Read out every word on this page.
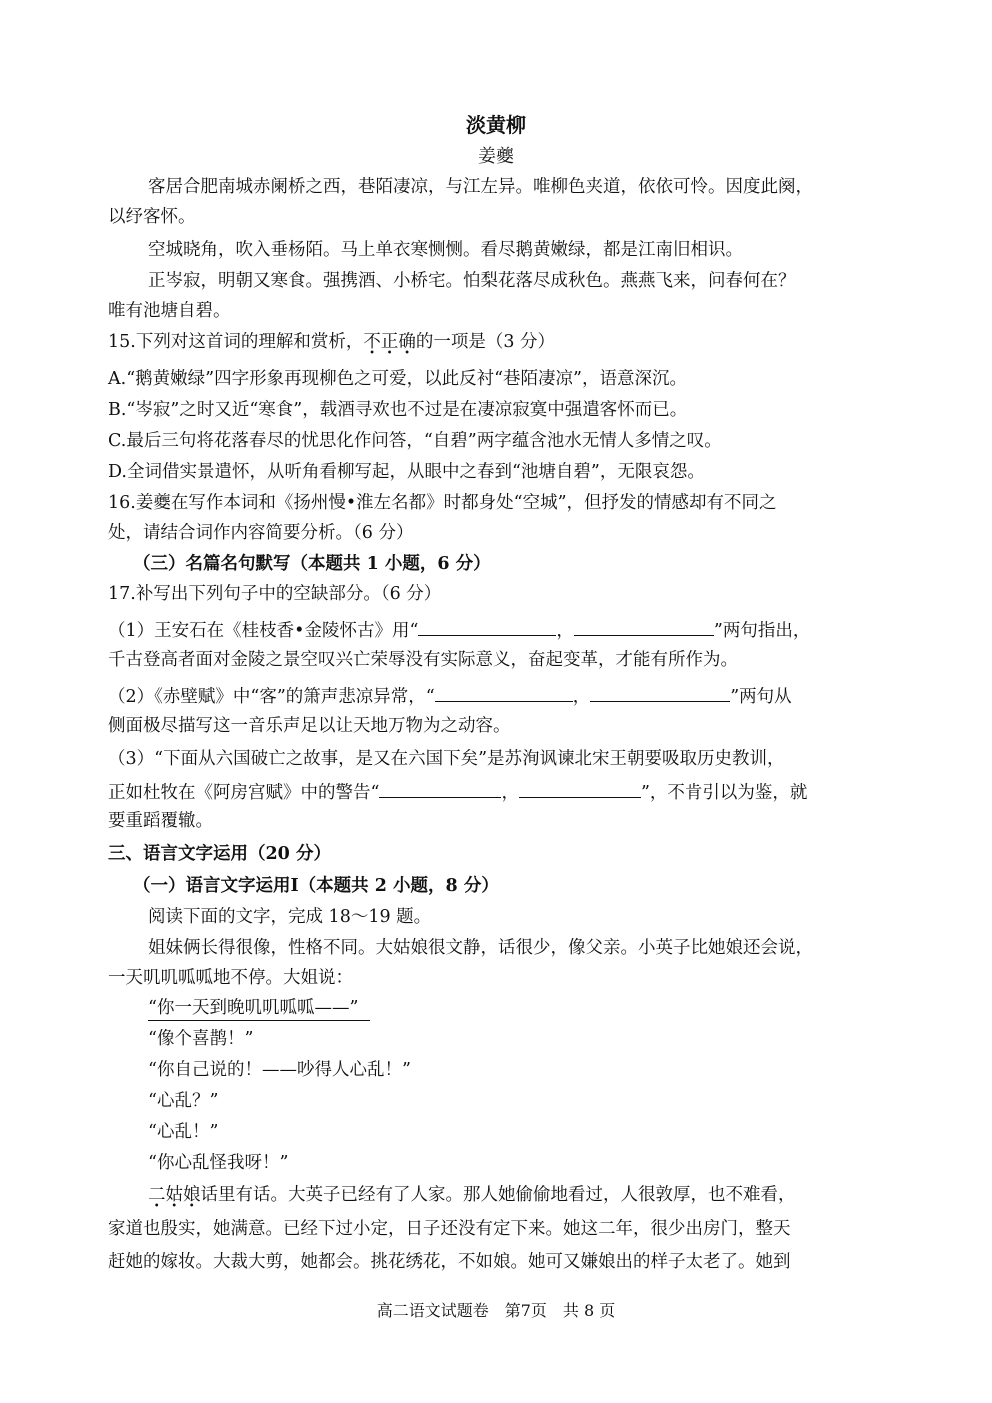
淡黄柳
姜夔
客居合肥南城赤阑桥之西，巷陌凄凉，与江左异。唯柳色夹道，依依可怜。因度此阕，
以纾客怀。
空城晓角，吹入垂杨陌。马上单衣寒恻恻。看尽鹅黄嫩绿，都是江南旧相识。
正岑寂，明朝又寒食。强携酒、小桥宅。怕梨花落尽成秋色。燕燕飞来，问春何在？
唯有池塘自碧。
15.下列对这首词的理解和赏析，不正确的一项是（3 分）
A.“鹅黄嫩绿”四字形象再现柳色之可爱，以此反衬“巷陌凄凉”，语意深沉。
B.“岑寂”之时又近“寒食”，载酒寻欢也不过是在凄凉寂寞中强遣客怀而已。
C.最后三句将花落春尽的忧思化作问答，“自碧”两字蕴含池水无情人多情之叹。
D.全词借实景遣怀，从听角看柳写起，从眼中之春到“池塘自碧”，无限哀怨。
16.姜夔在写作本词和《扬州慢•淮左名都》时都身处“空城”，但抒发的情感却有不同之
处，请结合词作内容简要分析。（6 分）
（三）名篇名句默写（本题共 1 小题，6 分）
17.补写出下列句子中的空缺部分。（6 分）
（1）王安石在《桂枝香•金陵怀古》用“	，	”两句指出，
千古登高者面对金陵之景空叹兴亡荣辱没有实际意义，奋起变革，才能有所作为。
（2）《赤壁赋》中“客”的箫声悲凉异常，“	，	”两句从
侧面极尽描写这一音乐声足以让天地万物为之动容。
（3）“下面从六国破亡之故事，是又在六国下矣”是苏洵讽谏北宋王朝要吸取历史教训，
正如杜牧在《阿房宫赋》中的警告“	，	”，不肯引以为鉴，就
要重蹈覆辙。
三、语言文字运用（20 分）
（一）语言文字运用Ⅰ（本题共 2 小题，8 分）
阅读下面的文字，完成 18～19 题。
姐妹俩长得很像，性格不同。大姑娘很文静，话很少，像父亲。小英子比她娘还会说，
一天叽叽呱呱地不停。大姐说：
“你一天到晚叽叽呱呱——”
“像个喜鹊！”
“你自己说的！——吵得人心乱！”
“心乱？”
“心乱！”
“你心乱怪我呀！”
二姑娘话里有话。大英子已经有了人家。那人她偷偷地看过，人很敦厚，也不难看，
家道也殷实，她满意。已经下过小定，日子还没有定下来。她这二年，很少出房门，整天
赶她的嫁妆。大裁大剪，她都会。挑花绣花，不如娘。她可又嫌娘出的样子太老了。她到
高二语文试题卷　第7页　共 8 页
